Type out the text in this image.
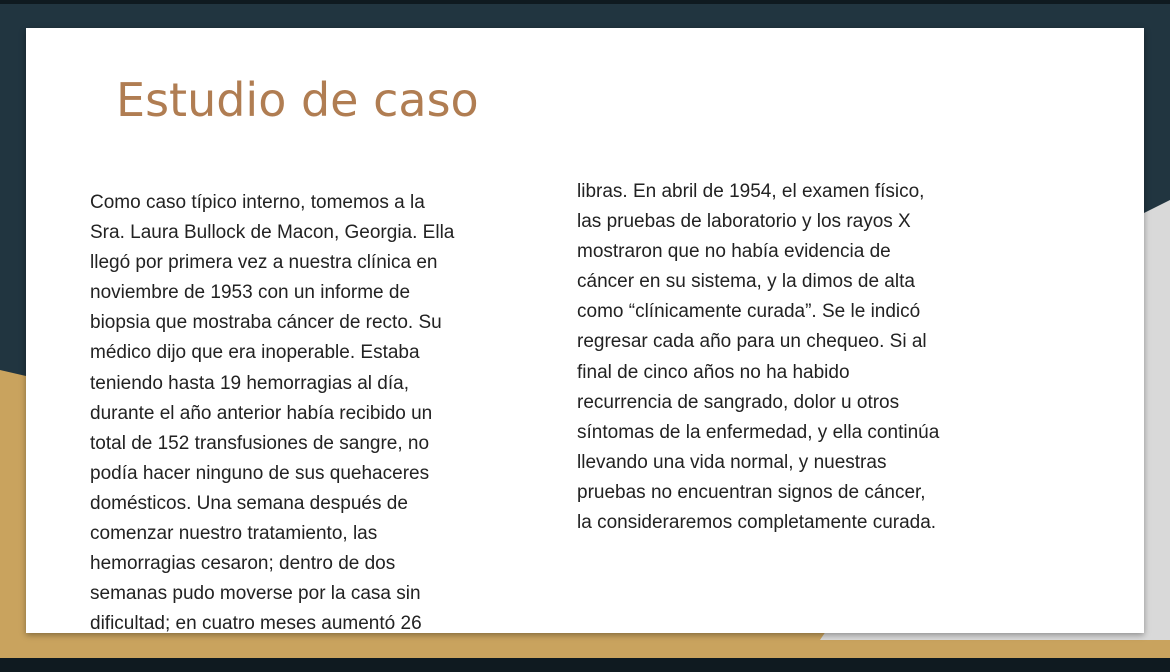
Estudio de caso
Como caso típico interno, tomemos a la
Sra. Laura Bullock de Macon, Georgia. Ella
llegó por primera vez a nuestra clínica en
noviembre de 1953 con un informe de
biopsia que mostraba cáncer de recto. Su
médico dijo que era inoperable. Estaba
teniendo hasta 19 hemorragias al día,
durante el año anterior había recibido un
total de 152 transfusiones de sangre, no
podía hacer ninguno de sus quehaceres
domésticos. Una semana después de
comenzar nuestro tratamiento, las
hemorragias cesaron; dentro de dos
semanas pudo moverse por la casa sin
dificultad; en cuatro meses aumentó 26
libras. En abril de 1954, el examen físico,
las pruebas de laboratorio y los rayos X
mostraron que no había evidencia de
cáncer en su sistema, y la dimos de alta
como “clínicamente curada”. Se le indicó
regresar cada año para un chequeo. Si al
final de cinco años no ha habido
recurrencia de sangrado, dolor u otros
síntomas de la enfermedad, y ella continúa
llevando una vida normal, y nuestras
pruebas no encuentran signos de cáncer,
la consideraremos completamente curada.
